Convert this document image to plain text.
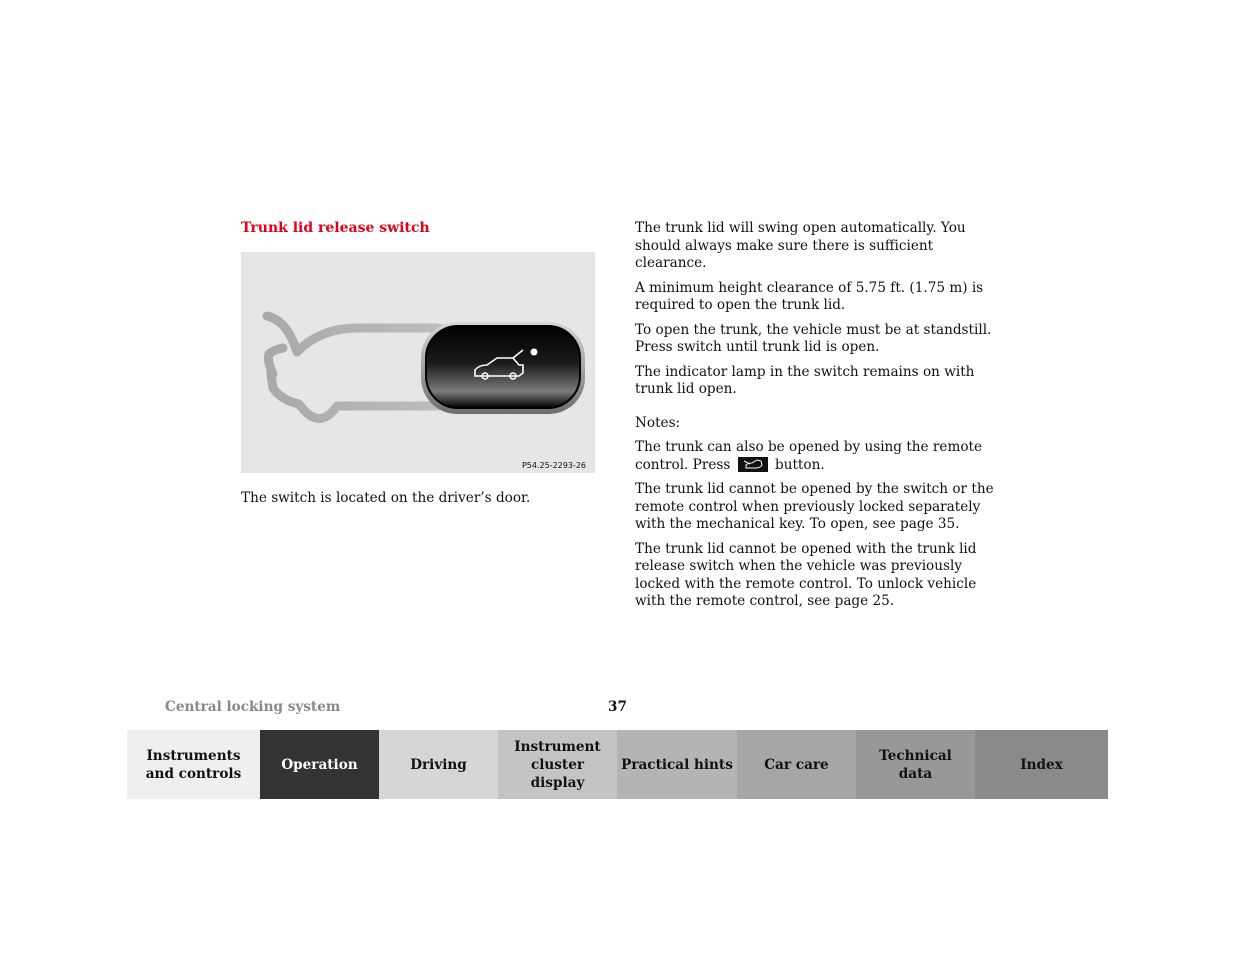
Trunk lid release switch
P54.25-2293-26
The switch is located on the driver’s door.

The trunk lid will swing open automatically. You should always make sure there is sufficient clearance.

A minimum height clearance of 5.75 ft. (1.75 m) is required to open the trunk lid.

To open the trunk, the vehicle must be at standstill. Press switch until trunk lid is open.

The indicator lamp in the switch remains on with trunk lid open.

Notes:

The trunk can also be opened by using the remote control. Press	button.

The trunk lid cannot be opened by the switch or the remote control when previously locked separately with the mechanical key. To open, see page 35.

The trunk lid cannot be opened with the trunk lid release switch when the vehicle was previously locked with the remote control. To unlock vehicle with the remote control, see page 25.

Central locking system	37
Instruments
and controls
Operation	Driving
Instrument
cluster display
Practical hints	Car care
Technical
data
Index
